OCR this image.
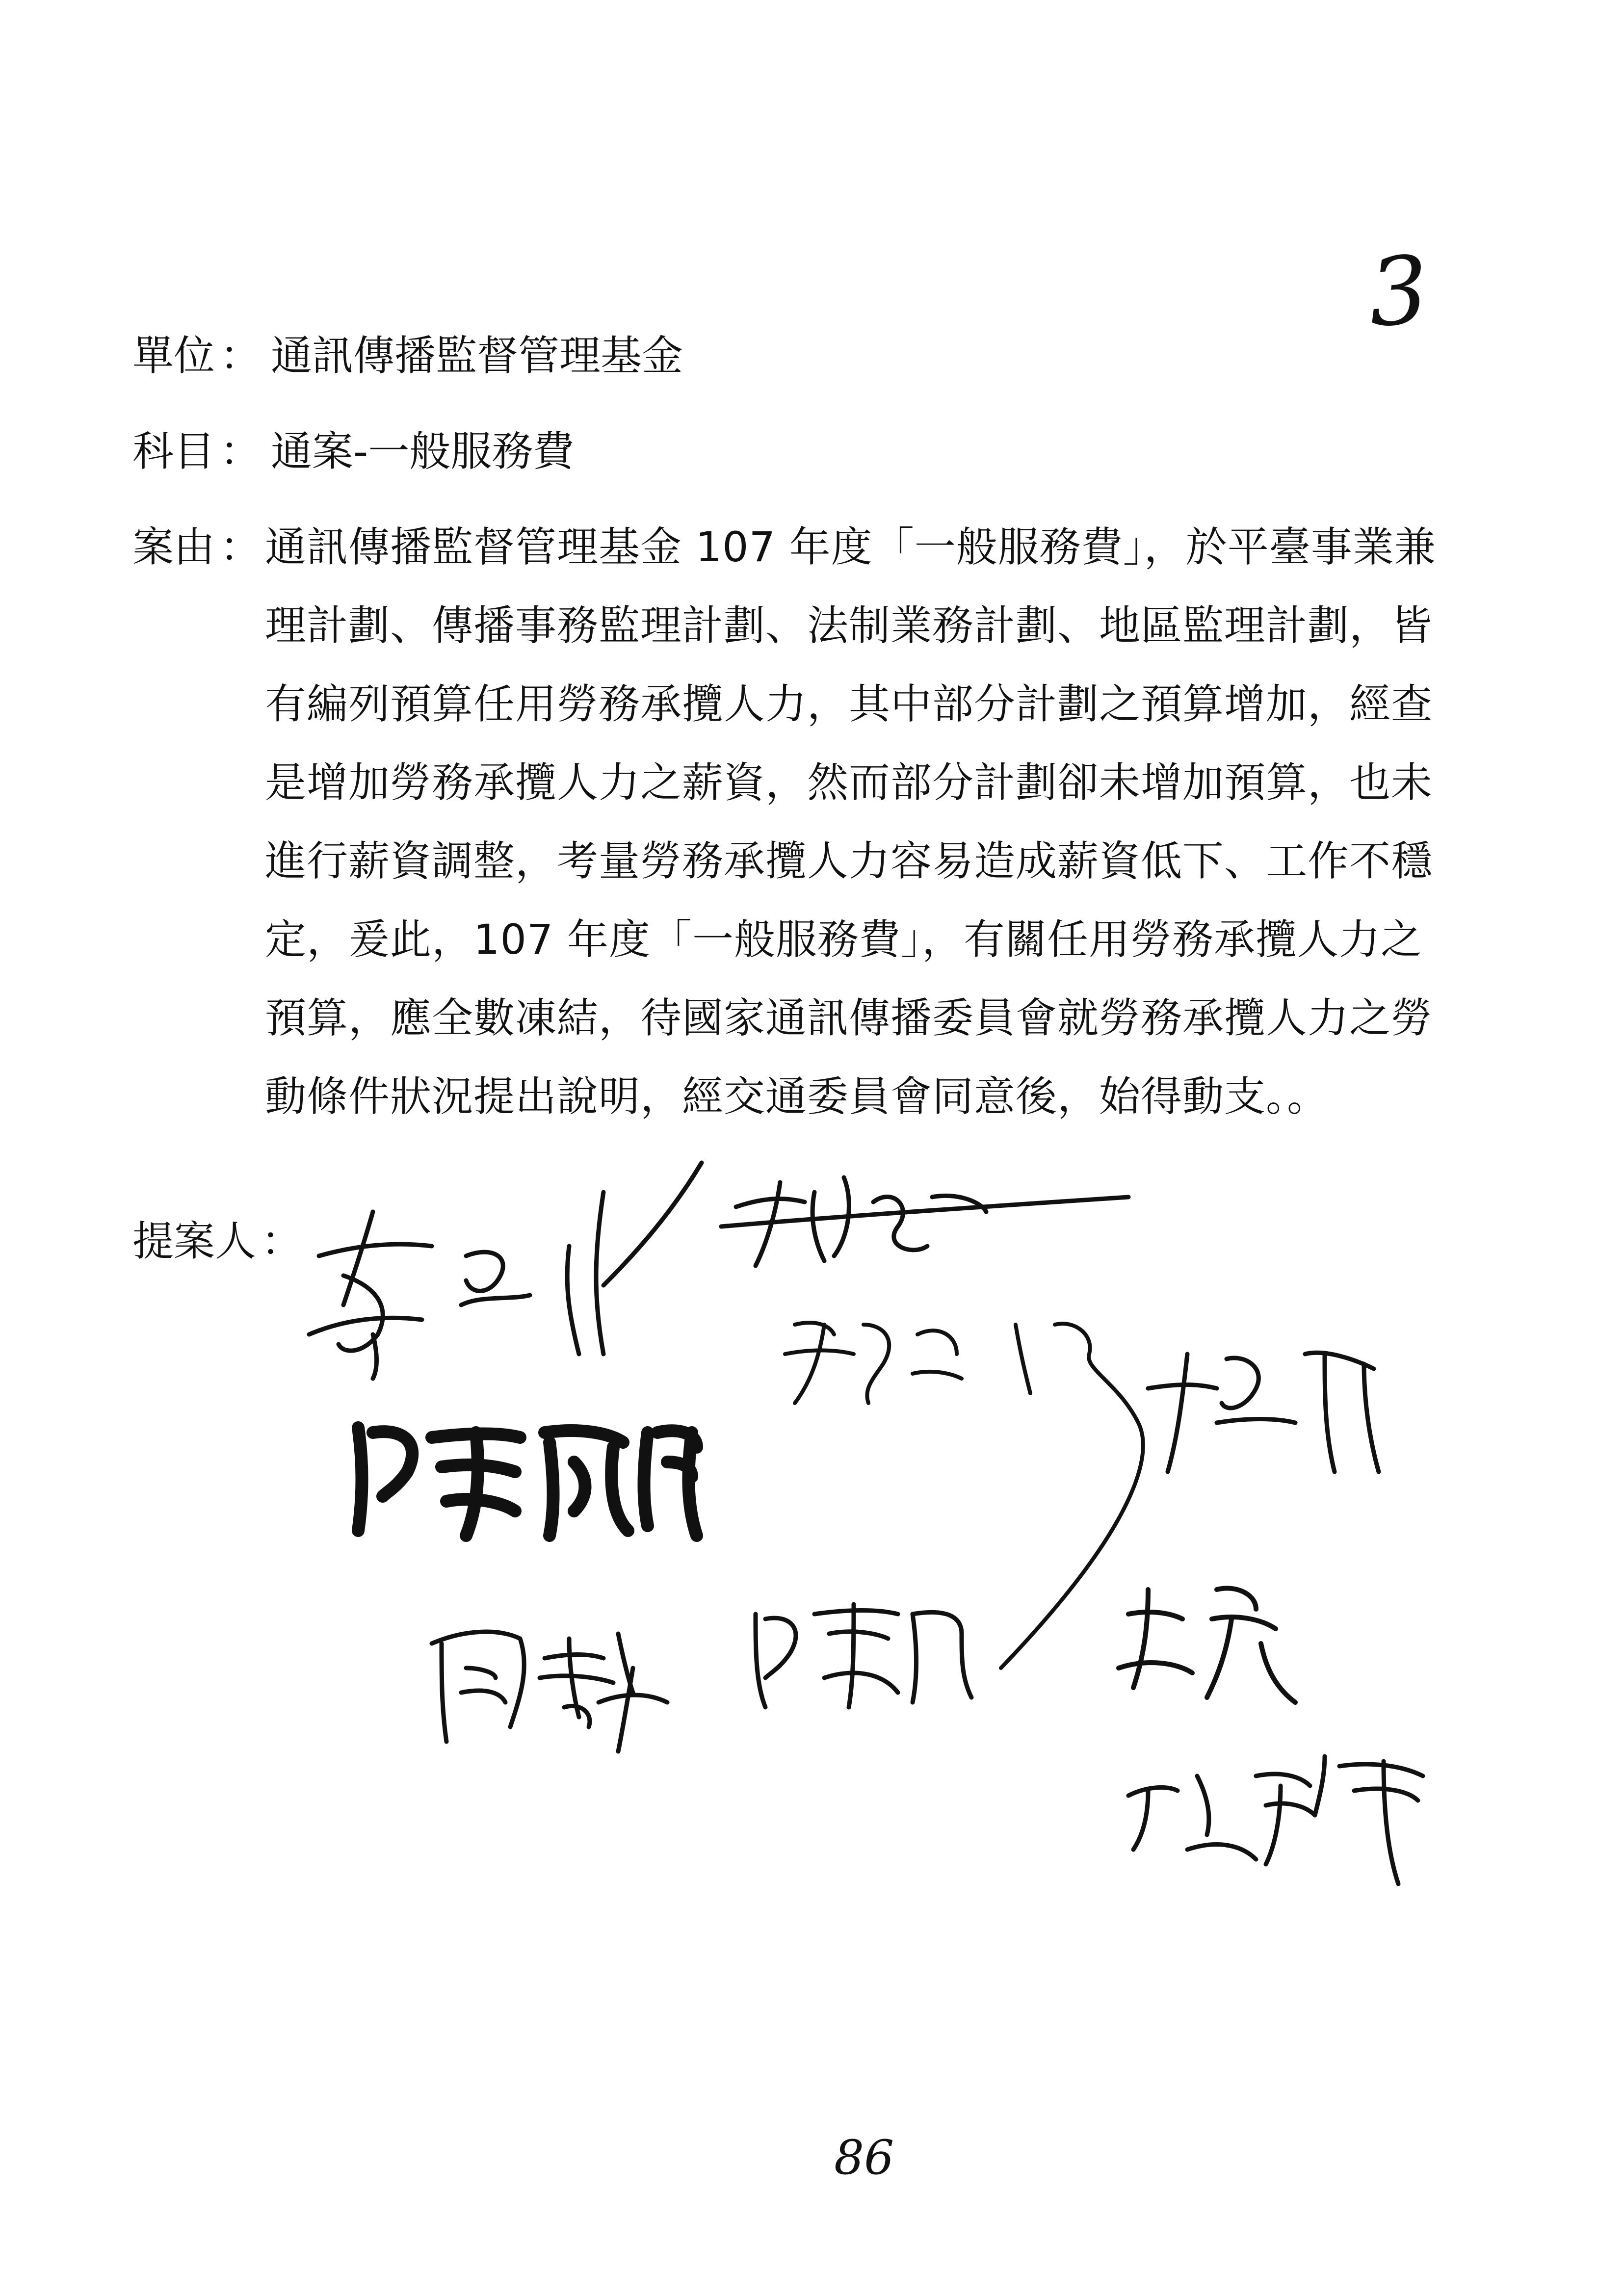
3
單位 ： 通訊傳播監督管理基金
科目 ： 通案-一般服務費
案由 ： 通訊傳播監督管理基金 107 年度「一般服務費」，於平臺事業兼
理計劃、傳播事務監理計劃、法制業務計劃、地區監理計劃，皆
有編列預算任用勞務承攬人力，其中部分計劃之預算增加，經查
是增加勞務承攬人力之薪資，然而部分計劃卻未增加預算，也未
進行薪資調整，考量勞務承攬人力容易造成薪資低下、工作不穩
定，爰此，107 年度「一般服務費」，有關任用勞務承攬人力之
預算，應全數凍結，待國家通訊傳播委員會就勞務承攬人力之勞
動條件狀況提出說明，經交通委員會同意後，始得動支。。
提案人 ：
86
